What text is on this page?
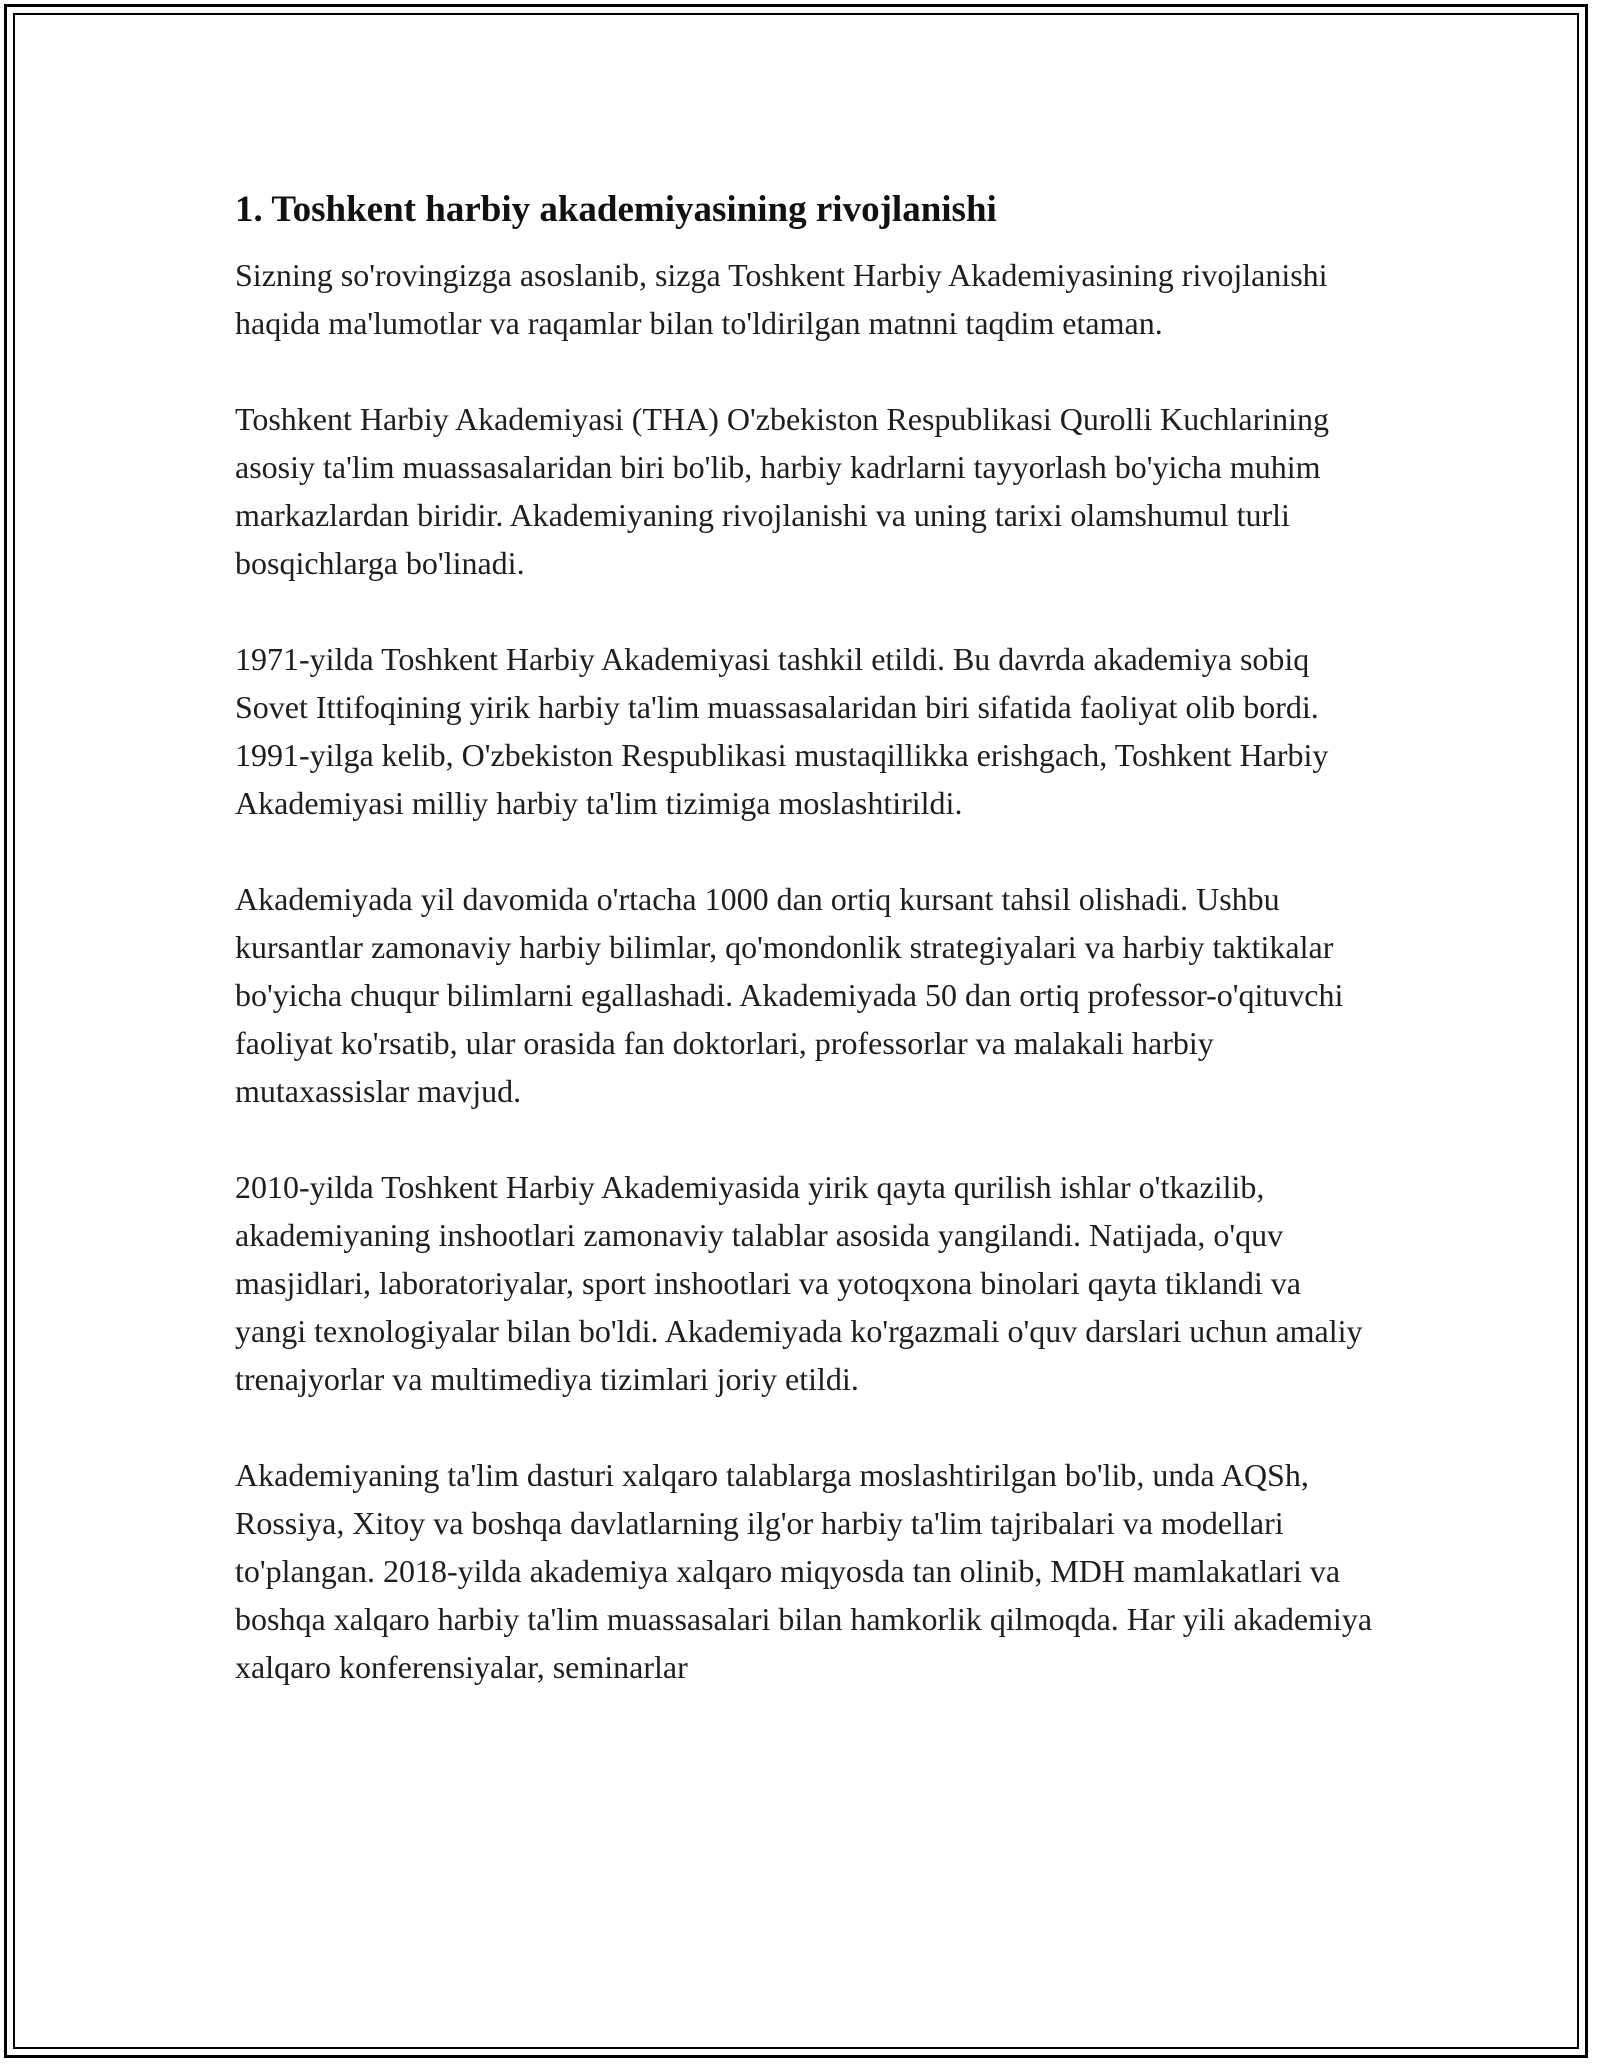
1. Toshkent harbiy akademiyasining rivojlanishi

Sizning so'rovingizga asoslanib, sizga Toshkent Harbiy Akademiyasining rivojlanishi haqida ma'lumotlar va raqamlar bilan to'ldirilgan matnni taqdim etaman.

Toshkent Harbiy Akademiyasi (THA) O'zbekiston Respublikasi Qurolli Kuchlarining asosiy ta'lim muassasalaridan biri bo'lib, harbiy kadrlarni tayyorlash bo'yicha muhim markazlardan biridir. Akademiyaning rivojlanishi va uning tarixi olamshumul turli bosqichlarga bo'linadi.

1971-yilda Toshkent Harbiy Akademiyasi tashkil etildi. Bu davrda akademiya sobiq Sovet Ittifoqining yirik harbiy ta'lim muassasalaridan biri sifatida faoliyat olib bordi. 1991-yilga kelib, O'zbekiston Respublikasi mustaqillikka erishgach, Toshkent Harbiy Akademiyasi milliy harbiy ta'lim tizimiga moslashtirildi.

Akademiyada yil davomida o'rtacha 1000 dan ortiq kursant tahsil olishadi. Ushbu kursantlar zamonaviy harbiy bilimlar, qo'mondonlik strategiyalari va harbiy taktikalar bo'yicha chuqur bilimlarni egallashadi. Akademiyada 50 dan ortiq professor-o'qituvchi faoliyat ko'rsatib, ular orasida fan doktorlari, professorlar va malakali harbiy mutaxassislar mavjud.

2010-yilda Toshkent Harbiy Akademiyasida yirik qayta qurilish ishlar o'tkazilib, akademiyaning inshootlari zamonaviy talablar asosida yangilandi. Natijada, o'quv masjidlari, laboratoriyalar, sport inshootlari va yotoqxona binolari qayta tiklandi va yangi texnologiyalar bilan bo'ldi. Akademiyada ko'rgazmali o'quv darslari uchun amaliy trenajyorlar va multimediya tizimlari joriy etildi.

Akademiyaning ta'lim dasturi xalqaro talablarga moslashtirilgan bo'lib, unda AQSh, Rossiya, Xitoy va boshqa davlatlarning ilg'or harbiy ta'lim tajribalari va modellari to'plangan. 2018-yilda akademiya xalqaro miqyosda tan olinib, MDH mamlakatlari va boshqa xalqaro harbiy ta'lim muassasalari bilan hamkorlik qilmoqda. Har yili akademiya xalqaro konferensiyalar, seminarlar
